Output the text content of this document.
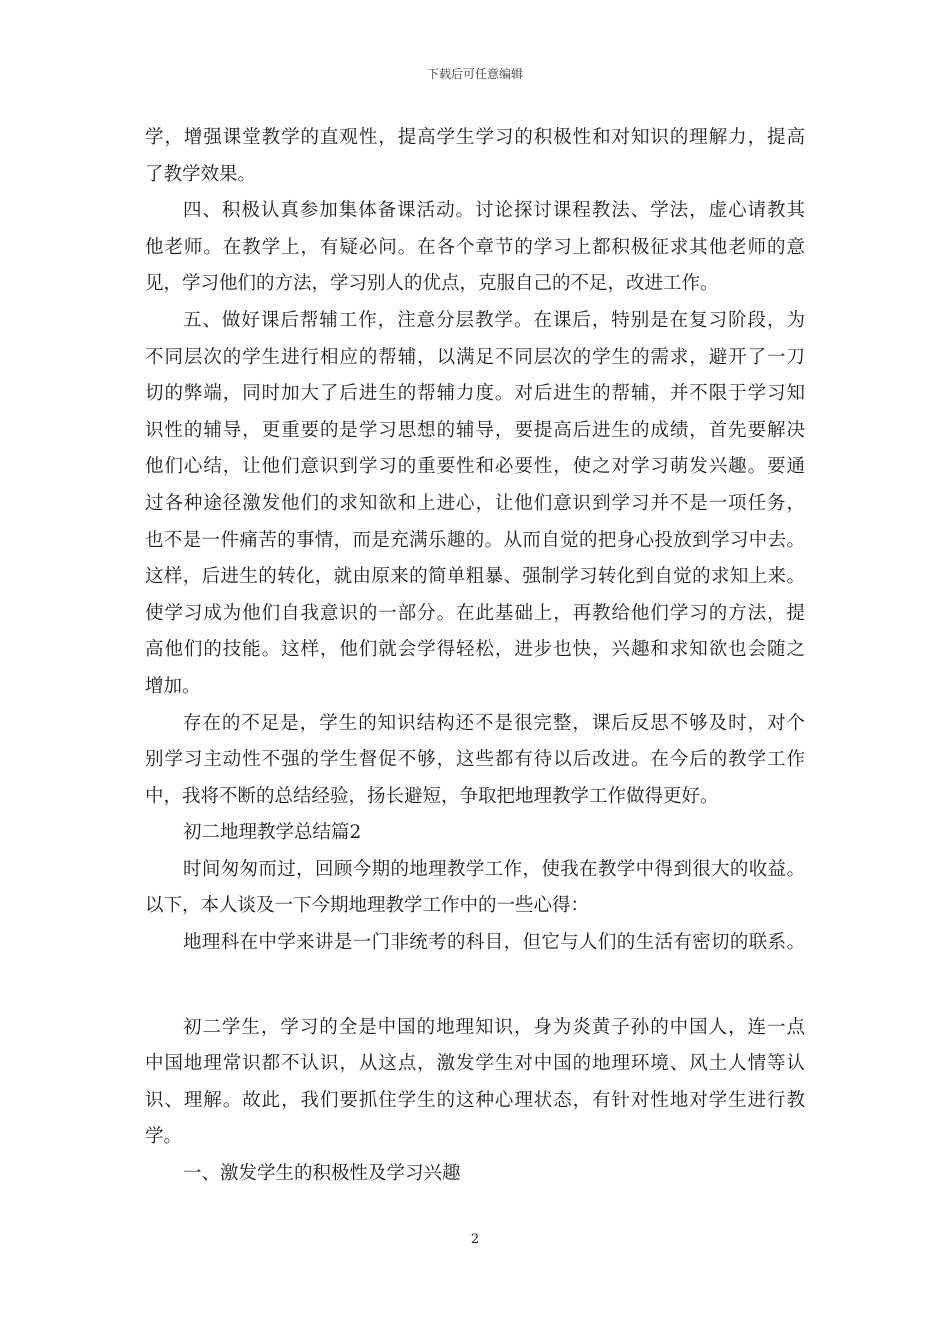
下载后可任意编辑
学，增强课堂教学的直观性，提高学生学习的积极性和对知识的理解力，提高
了教学效果。
四、积极认真参加集体备课活动。讨论探讨课程教法、学法，虚心请教其
他老师。在教学上，有疑必问。在各个章节的学习上都积极征求其他老师的意
见，学习他们的方法，学习别人的优点，克服自己的不足，改进工作。
五、做好课后帮辅工作，注意分层教学。在课后，特别是在复习阶段，为
不同层次的学生进行相应的帮辅，以满足不同层次的学生的需求，避开了一刀
切的弊端，同时加大了后进生的帮辅力度。对后进生的帮辅，并不限于学习知
识性的辅导，更重要的是学习思想的辅导，要提高后进生的成绩，首先要解决
他们心结，让他们意识到学习的重要性和必要性，使之对学习萌发兴趣。要通
过各种途径激发他们的求知欲和上进心，让他们意识到学习并不是一项任务，
也不是一件痛苦的事情，而是充满乐趣的。从而自觉的把身心投放到学习中去。
这样，后进生的转化，就由原来的简单粗暴、强制学习转化到自觉的求知上来。
使学习成为他们自我意识的一部分。在此基础上，再教给他们学习的方法，提
高他们的技能。这样，他们就会学得轻松，进步也快，兴趣和求知欲也会随之
增加。
存在的不足是，学生的知识结构还不是很完整，课后反思不够及时，对个
别学习主动性不强的学生督促不够，这些都有待以后改进。在今后的教学工作
中，我将不断的总结经验，扬长避短，争取把地理教学工作做得更好。
初二地理教学总结篇2
时间匆匆而过，回顾今期的地理教学工作，使我在教学中得到很大的收益。
以下，本人谈及一下今期地理教学工作中的一些心得：
地理科在中学来讲是一门非统考的科目，但它与人们的生活有密切的联系。
初二学生，学习的全是中国的地理知识，身为炎黄子孙的中国人，连一点
中国地理常识都不认识，从这点，激发学生对中国的地理环境、风土人情等认
识、理解。故此，我们要抓住学生的这种心理状态，有针对性地对学生进行教
学。
一、激发学生的积极性及学习兴趣
2
